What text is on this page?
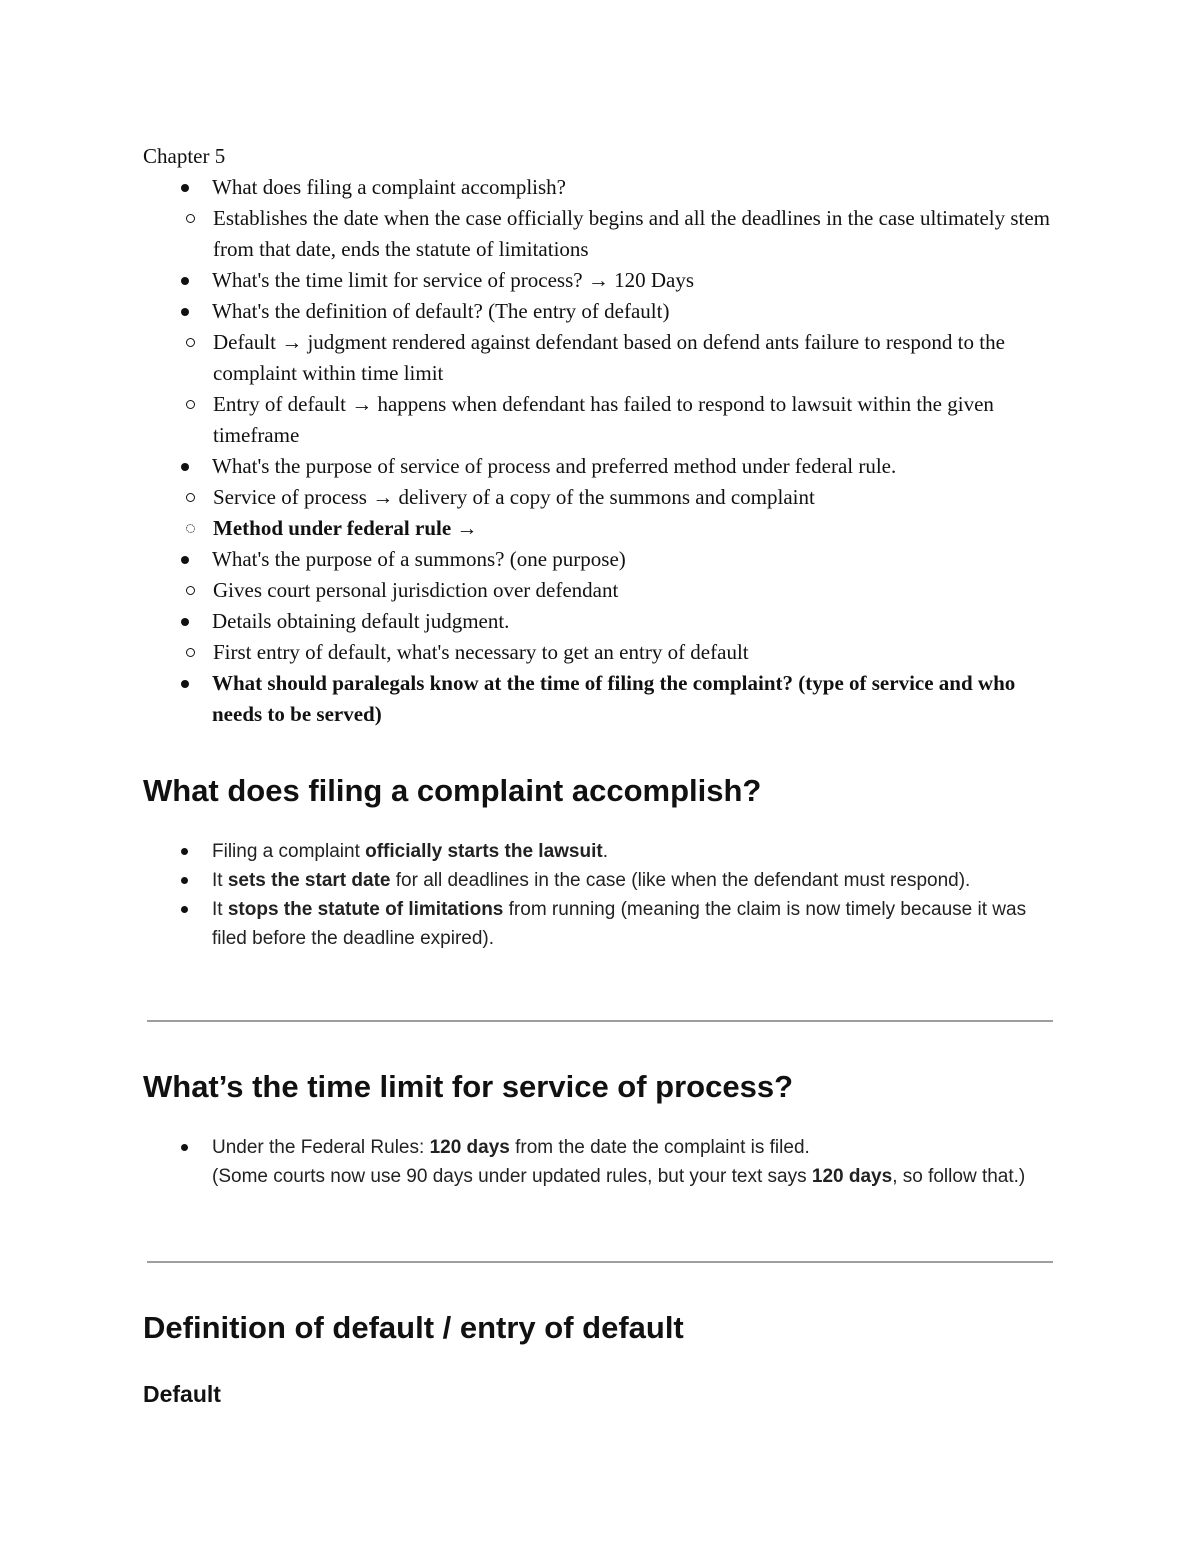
Chapter 5

What does filing a complaint accomplish?
Establishes the date when the case officially begins and all the deadlines in the case ultimately stem from that date, ends the statute of limitations
What's the time limit for service of process? → 120 Days
What's the definition of default? (The entry of default)
Default → judgment rendered against defendant based on defend ants failure to respond to the complaint within time limit
Entry of default → happens when defendant has failed to respond to lawsuit within the given timeframe
What's the purpose of service of process and preferred method under federal rule.
Service of process → delivery of a copy of the summons and complaint
Method under federal rule →
What's the purpose of a summons? (one purpose)
Gives court personal jurisdiction over defendant
Details obtaining default judgment.
First entry of default, what's necessary to get an entry of default
What should paralegals know at the time of filing the complaint? (type of service and who needs to be served)
What does filing a complaint accomplish?
Filing a complaint officially starts the lawsuit.
It sets the start date for all deadlines in the case (like when the defendant must respond).
It stops the statute of limitations from running (meaning the claim is now timely because it was filed before the deadline expired).
What’s the time limit for service of process?
Under the Federal Rules: 120 days from the date the complaint is filed.
(Some courts now use 90 days under updated rules, but your text says 120 days, so follow that.)
Definition of default / entry of default
Default
